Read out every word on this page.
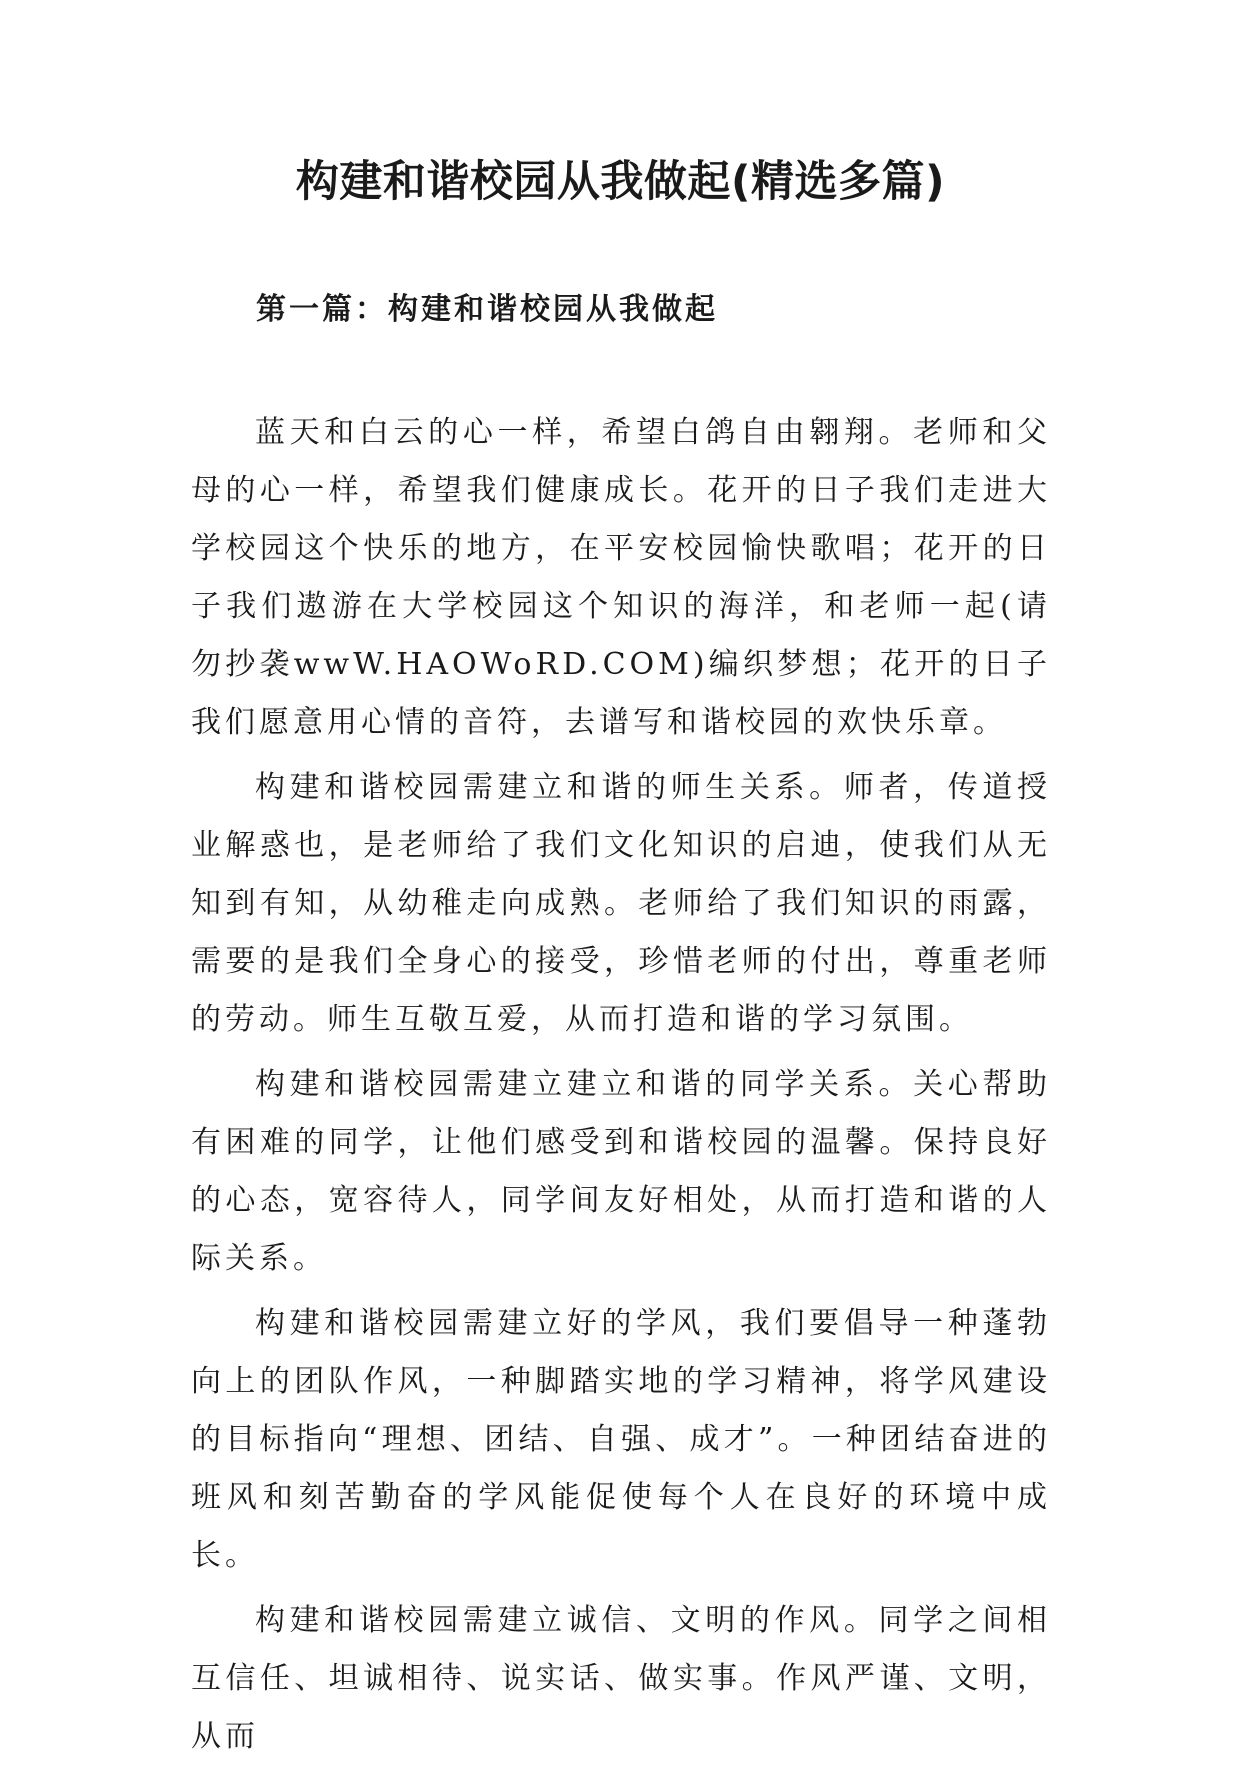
构建和谐校园从我做起(精选多篇)
第一篇：构建和谐校园从我做起

蓝天和白云的心一样，希望白鸽自由翱翔。老师和父母的心一样，希望我们健康成长。花开的日子我们走进大学校园这个快乐的地方，在平安校园愉快歌唱；花开的日子我们遨游在大学校园这个知识的海洋，和老师一起(请勿抄袭wwW.HAOWoRD.COM)编织梦想；花开的日子我们愿意用心情的音符，去谱写和谐校园的欢快乐章。

构建和谐校园需建立和谐的师生关系。师者，传道授业解惑也，是老师给了我们文化知识的启迪，使我们从无知到有知，从幼稚走向成熟。老师给了我们知识的雨露，需要的是我们全身心的接受，珍惜老师的付出，尊重老师的劳动。师生互敬互爱，从而打造和谐的学习氛围。

构建和谐校园需建立建立和谐的同学关系。关心帮助有困难的同学，让他们感受到和谐校园的温馨。保持良好的心态，宽容待人，同学间友好相处，从而打造和谐的人际关系。

构建和谐校园需建立好的学风，我们要倡导一种蓬勃向上的团队作风，一种脚踏实地的学习精神，将学风建设的目标指向“理想、团结、自强、成才”。一种团结奋进的班风和刻苦勤奋的学风能促使每个人在良好的环境中成长。

构建和谐校园需建立诚信、文明的作风。同学之间相互信任、坦诚相待、说实话、做实事。作风严谨、文明，从而
